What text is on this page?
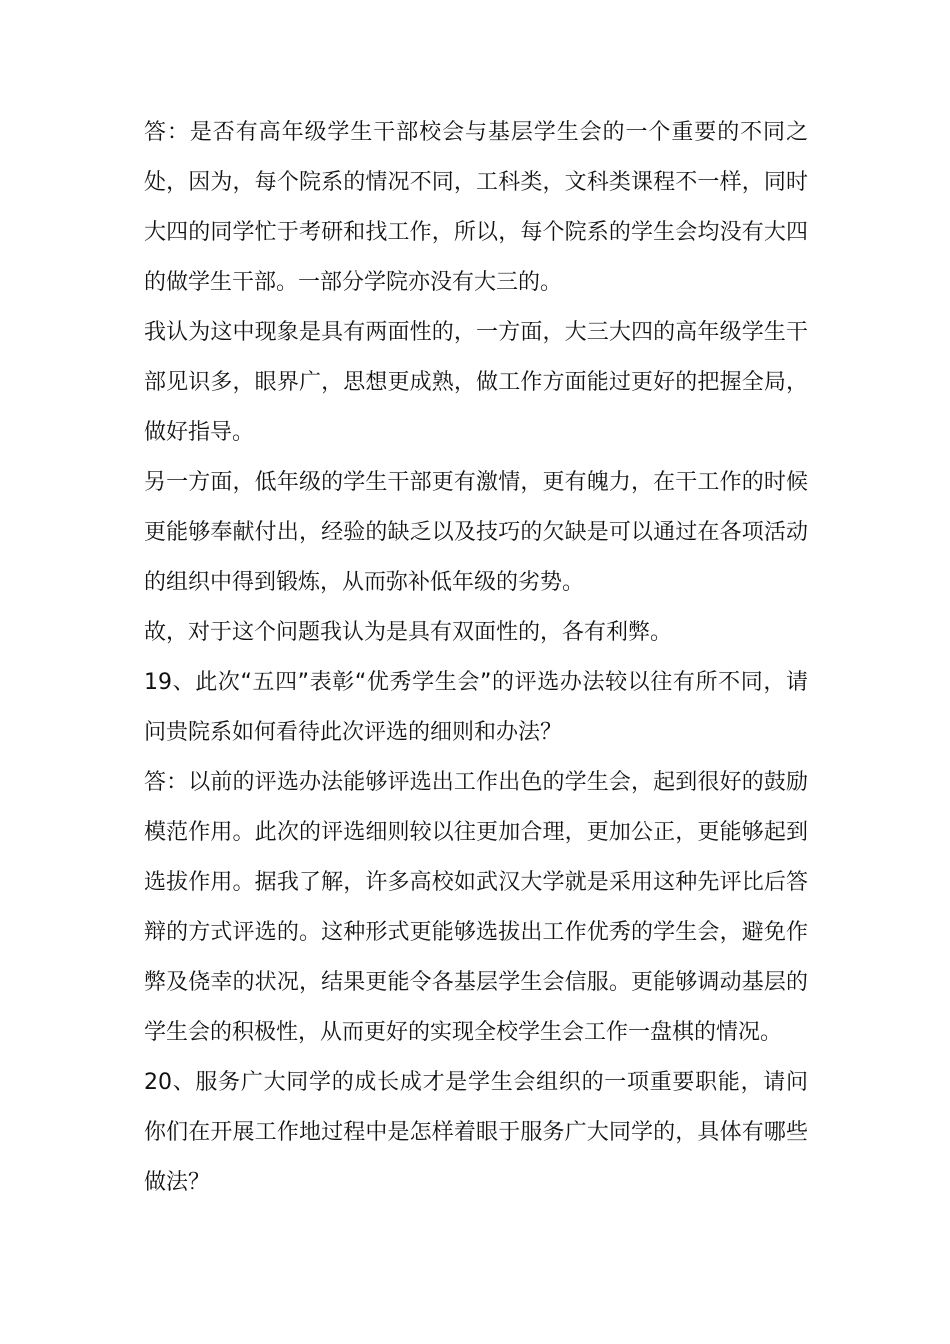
答：是否有高年级学生干部校会与基层学生会的一个重要的不同之处，因为，每个院系的情况不同，工科类，文科类课程不一样，同时大四的同学忙于考研和找工作，所以，每个院系的学生会均没有大四的做学生干部。一部分学院亦没有大三的。

我认为这中现象是具有两面性的，一方面，大三大四的高年级学生干部见识多，眼界广，思想更成熟，做工作方面能过更好的把握全局，做好指导。

另一方面，低年级的学生干部更有激情，更有魄力，在干工作的时候更能够奉献付出，经验的缺乏以及技巧的欠缺是可以通过在各项活动的组织中得到锻炼，从而弥补低年级的劣势。

故，对于这个问题我认为是具有双面性的，各有利弊。

19、此次“五四”表彰“优秀学生会”的评选办法较以往有所不同，请问贵院系如何看待此次评选的细则和办法？

答：以前的评选办法能够评选出工作出色的学生会，起到很好的鼓励模范作用。此次的评选细则较以往更加合理，更加公正，更能够起到选拔作用。据我了解，许多高校如武汉大学就是采用这种先评比后答辩的方式评选的。这种形式更能够选拔出工作优秀的学生会，避免作弊及侥幸的状况，结果更能令各基层学生会信服。更能够调动基层的学生会的积极性，从而更好的实现全校学生会工作一盘棋的情况。

20、服务广大同学的成长成才是学生会组织的一项重要职能，请问你们在开展工作地过程中是怎样着眼于服务广大同学的，具体有哪些做法？
